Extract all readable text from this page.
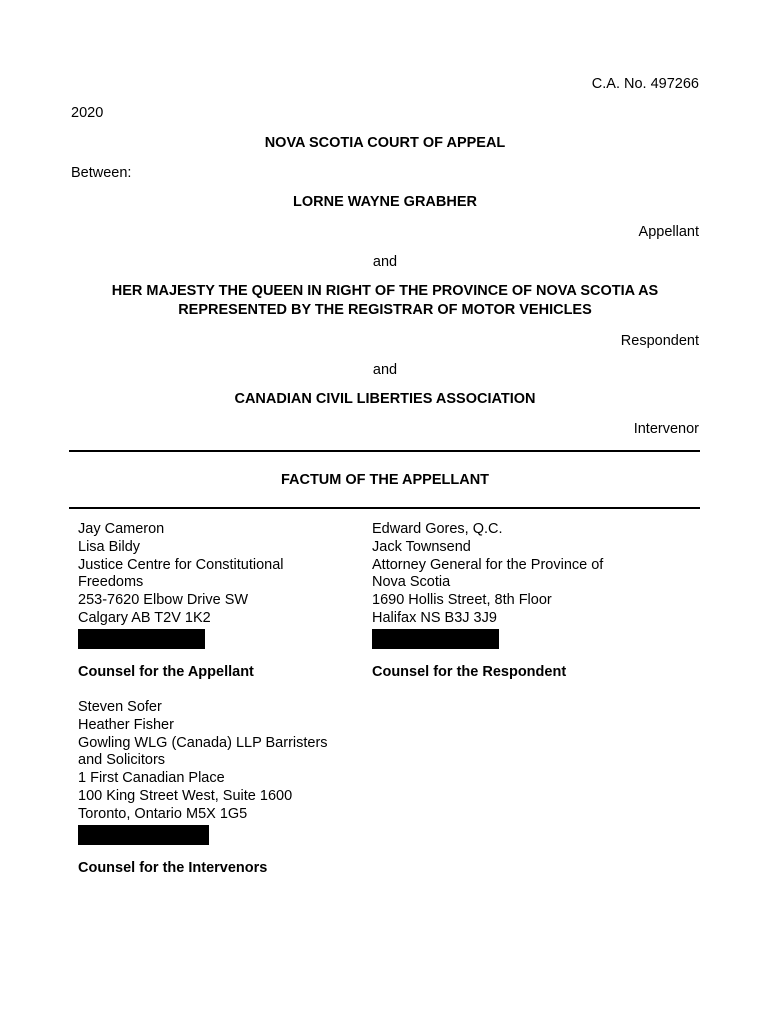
C.A. No. 497266
2020
NOVA SCOTIA COURT OF APPEAL
Between:
LORNE WAYNE GRABHER
Appellant
and
HER MAJESTY THE QUEEN IN RIGHT OF THE PROVINCE OF NOVA SCOTIA AS
REPRESENTED BY THE REGISTRAR OF MOTOR VEHICLES
Respondent
and
CANADIAN CIVIL LIBERTIES ASSOCIATION
Intervenor
FACTUM OF THE APPELLANT
Jay Cameron
Lisa Bildy
Justice Centre for Constitutional
Freedoms
253-7620 Elbow Drive SW
Calgary AB T2V 1K2
Counsel for the Appellant
Edward Gores, Q.C.
Jack Townsend
Attorney General for the Province of
Nova Scotia
1690 Hollis Street, 8th Floor
Halifax NS B3J 3J9
Counsel for the Respondent
Steven Sofer
Heather Fisher
Gowling WLG (Canada) LLP Barristers
and Solicitors
1 First Canadian Place
100 King Street West, Suite 1600
Toronto, Ontario M5X 1G5
Counsel for the Intervenors
